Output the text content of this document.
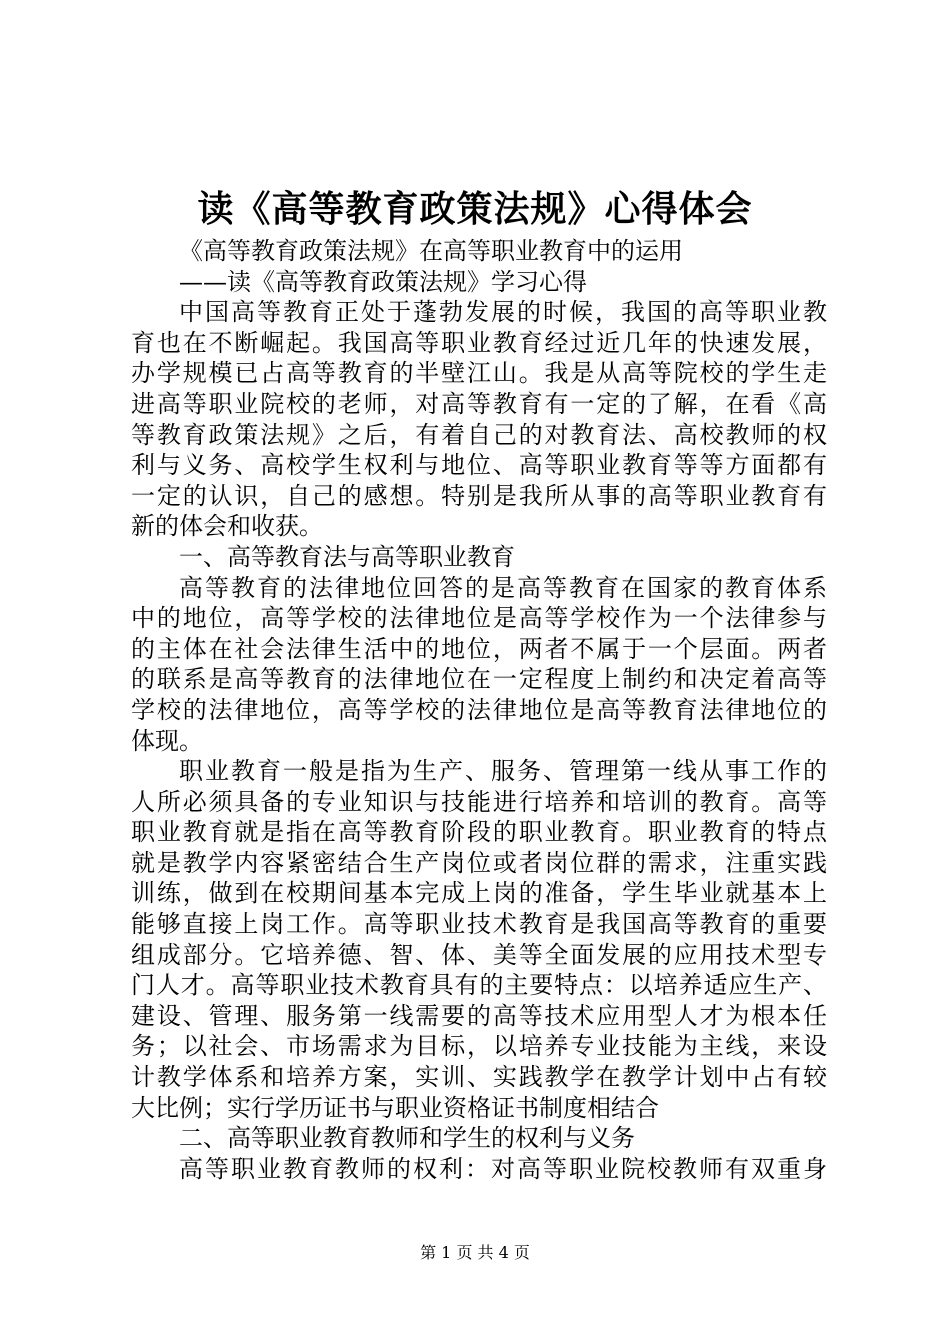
读《高等教育政策法规》心得体会
《高等教育政策法规》在高等职业教育中的运用
——读《高等教育政策法规》学习心得
中国高等教育正处于蓬勃发展的时候，我国的高等职业教
育也在不断崛起。我国高等职业教育经过近几年的快速发展，
办学规模已占高等教育的半壁江山。我是从高等院校的学生走
进高等职业院校的老师，对高等教育有一定的了解，在看《高
等教育政策法规》之后，有着自己的对教育法、高校教师的权
利与义务、高校学生权利与地位、高等职业教育等等方面都有
一定的认识，自己的感想。特别是我所从事的高等职业教育有
新的体会和收获。
一、高等教育法与高等职业教育
高等教育的法律地位回答的是高等教育在国家的教育体系
中的地位，高等学校的法律地位是高等学校作为一个法律参与
的主体在社会法律生活中的地位，两者不属于一个层面。两者
的联系是高等教育的法律地位在一定程度上制约和决定着高等
学校的法律地位，高等学校的法律地位是高等教育法律地位的
体现。
职业教育一般是指为生产、服务、管理第一线从事工作的
人所必须具备的专业知识与技能进行培养和培训的教育。高等
职业教育就是指在高等教育阶段的职业教育。职业教育的特点
就是教学内容紧密结合生产岗位或者岗位群的需求，注重实践
训练，做到在校期间基本完成上岗的准备，学生毕业就基本上
能够直接上岗工作。高等职业技术教育是我国高等教育的重要
组成部分。它培养德、智、体、美等全面发展的应用技术型专
门人才。高等职业技术教育具有的主要特点：以培养适应生产、
建设、管理、服务第一线需要的高等技术应用型人才为根本任
务；以社会、市场需求为目标，以培养专业技能为主线，来设
计教学体系和培养方案，实训、实践教学在教学计划中占有较
大比例；实行学历证书与职业资格证书制度相结合
二、高等职业教育教师和学生的权利与义务
高等职业教育教师的权利：对高等职业院校教师有双重身
第 1 页 共 4 页
